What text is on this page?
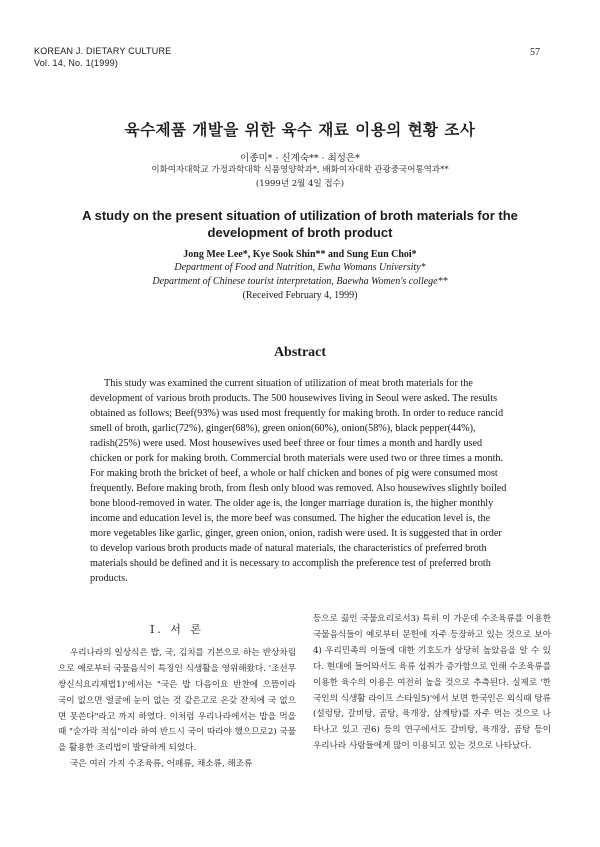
KOREAN J. DIETARY CULTURE
Vol. 14, No. 1(1999)
57
육수제품 개발을 위한 육수 재료 이용의 현황 조사
이종미* · 신계숙** · 최성은*
이화여자대학교 가정과학대학 식품영양학과*, 배화여자대학 관광중국어통역과**
(1999년 2월 4일 접수)
A study on the present situation of utilization of broth materials for the development of broth product
Jong Mee Lee*, Kye Sook Shin** and Sung Eun Choi*
Department of Food and Nutrition, Ewha Womans University*
Department of Chinese tourist interpretation, Baewha Women's college**
(Received February 4, 1999)
Abstract

This study was examined the current situation of utilization of meat broth materials for the development of various broth products. The 500 housewives living in Seoul were asked. The results obtained as follows; Beef(93%) was used most frequently for making broth. In order to reduce rancid smell of broth, garlic(72%), ginger(68%), green onion(60%), onion(58%), black pepper(44%), radish(25%) were used. Most housewives used beef three or four times a month and hardly used chicken or pork for making broth. Commercial broth materials were used two or three times a month. For making broth the bricket of beef, a whole or half chicken and bones of pig were consumed most frequently. Before making broth, from flesh only blood was removed. Also housewives slightly boiled bone blood-removed in water. The older age is, the longer marriage duration is, the higher monthly income and education level is, the more beef was consumed. The higher the education level is, the more vegetables like garlic, ginger, green onion, onion, radish were used. It is suggested that in order to develop various broth products made of natural materials, the characteristics of preferred broth materials should be defined and it is necessary to accomplish the preference test of preferred broth products.

I. 서 론

우리나라의 일상식은 밥, 국, 김치를 기본으로 하는 반상차림으로 예로부터 국물음식이 특징인 식생활을 영위해왔다. '조선무쌍신식요리제법1)'에서는 "국은 밥 다음이요 반찬에 으뜸이라 국이 없으면 얼굴에 눈이 없는 것 같은고로 온갖 잔치에 국 없으면 못쓴다"라고 까지 하였다. 이처럼 우리나라에서는 밥을 먹을 때 "숟가락 적심"이라 하여 반드시 국이 따라야 했으므로2) 국물을 활용한 조리법이 발달하게 되었다.

국은 여러 가지 수조육류, 어패류, 채소류, 해조류

등으로 끓인 국물요리로서3) 특히 이 가운데 수조육류를 이용한 국물음식들이 예로부터 문헌에 자주 등장하고 있는 것으로 보아4) 우리민족의 이들에 대한 기호도가 상당히 높았음을 알 수 있다. 현대에 들어와서도 육류 섭취가 증가함으로 인해 수조육류를 이용한 육수의 이용은 여전히 높을 것으로 추측된다. 실제로 '한국인의 식생활 라이프 스타일5)'에서 보면 한국인은 외식때 탕류(설렁탕, 갈비탕, 곰탕, 육개장, 삼계탕)를 자주 먹는 것으로 나타나고 있고 권6) 등의 연구에서도 갈비탕, 육개장, 곰탕 등이 우리나라 사람들에게 많이 이용되고 있는 것으로 나타났다.
